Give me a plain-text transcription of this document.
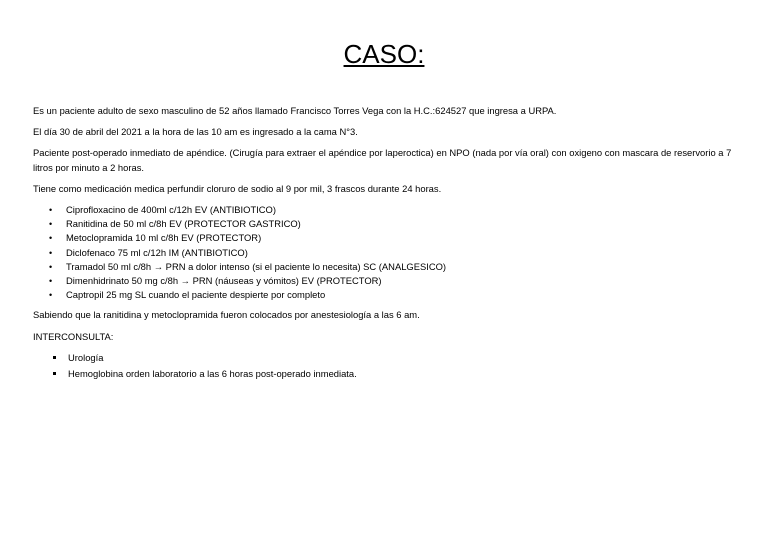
CASO:

Es un paciente adulto de sexo masculino de 52 años llamado Francisco Torres Vega con la H.C.:624527 que ingresa a URPA.

El día 30 de abril del 2021 a la hora de las 10 am es ingresado a la cama N°3.

Paciente post-operado inmediato de apéndice. (Cirugía para extraer el apéndice por laperoctica) en NPO (nada por vía oral) con oxigeno con mascara de reservorio a 7 litros por minuto a 2 horas.

Tiene como medicación medica perfundir cloruro de sodio al 9 por mil, 3 frascos durante 24 horas.

• Ciprofloxacino de 400ml c/12h EV (ANTIBIOTICO)
• Ranitidina de 50 ml c/8h EV (PROTECTOR GASTRICO)
• Metoclopramida 10 ml c/8h EV (PROTECTOR)
• Diclofenaco 75 ml c/12h IM (ANTIBIOTICO)
• Tramadol 50 ml c/8h → PRN a dolor intenso (si el paciente lo necesita) SC (ANALGESICO)
• Dimenhidrinato 50 mg c/8h → PRN (náuseas y vómitos) EV (PROTECTOR)
• Captropil 25 mg SL cuando el paciente despierte por completo

Sabiendo que la ranitidina y metoclopramida fueron colocados por anestesiología a las 6 am.

INTERCONSULTA:

Urología
Hemoglobina orden laboratorio a las 6 horas post-operado inmediata.
